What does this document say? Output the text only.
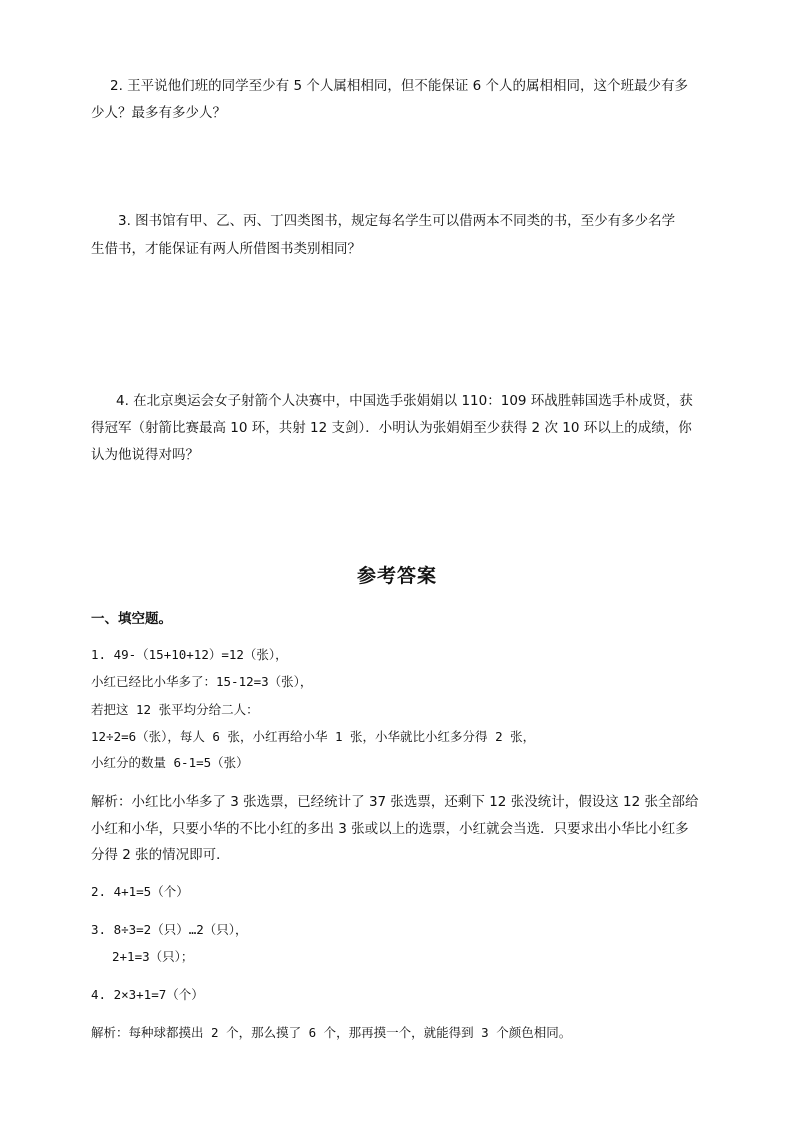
2. 王平说他们班的同学至少有 5 个人属相相同，但不能保证 6 个人的属相相同，这个班最少有多
少人？最多有多少人？
3. 图书馆有甲、乙、丙、丁四类图书，规定每名学生可以借两本不同类的书，至少有多少名学
生借书，才能保证有两人所借图书类别相同？
4. 在北京奥运会女子射箭个人决赛中，中国选手张娟娟以 110：109 环战胜韩国选手朴成贤，获
得冠军（射箭比赛最高 10 环，共射 12 支剑）．小明认为张娟娟至少获得 2 次 10 环以上的成绩，你
认为他说得对吗？
参考答案
一、填空题。
1. 49-（15+10+12）=12（张），
小红已经比小华多了：15-12=3（张），
若把这 12 张平均分给二人：
12÷2=6（张），每人 6 张，小红再给小华 1 张，小华就比小红多分得 2 张，
小红分的数量 6-1=5（张）
解析：小红比小华多了 3 张选票，已经统计了 37 张选票，还剩下 12 张没统计，假设这 12 张全部给
小红和小华，只要小华的不比小红的多出 3 张或以上的选票，小红就会当选．只要求出小华比小红多
分得 2 张的情况即可．
2. 4+1=5（个）
3. 8÷3=2（只）…2（只），
2+1=3（只）；
4. 2×3+1=7（个）
解析：每种球都摸出 2 个，那么摸了 6 个，那再摸一个，就能得到 3 个颜色相同。
